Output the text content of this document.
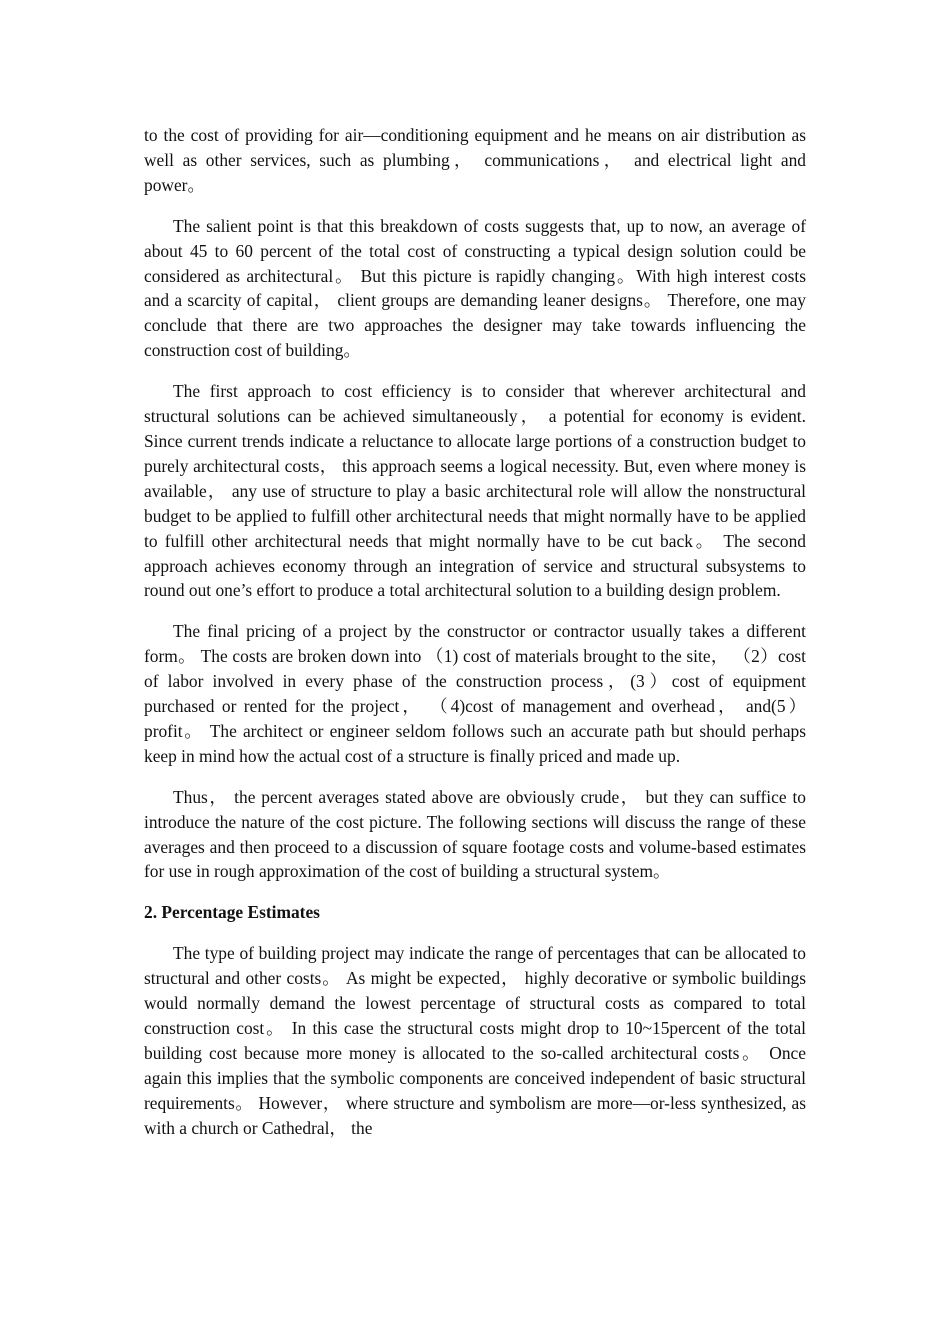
to the cost of providing for air—conditioning equipment and he means on air distribution as well as other services, such as plumbing， communications， and electrical light and power。

The salient point is that this breakdown of costs suggests that, up to now, an average of about 45 to 60 percent of the total cost of constructing a typical design solution could be considered as architectural。 But this picture is rapidly changing。With high interest costs and a scarcity of capital， client groups are demanding leaner designs。 Therefore, one may conclude that there are two approaches the designer may take towards influencing the construction cost of building。

The first approach to cost efficiency is to consider that wherever architectural and structural solutions can be achieved simultaneously， a potential for economy is evident. Since current trends indicate a reluctance to allocate large portions of a construction budget to purely architectural costs， this approach seems a logical necessity. But, even where money is available， any use of structure to play a basic architectural role will allow the nonstructural budget to be applied to fulfill other architectural needs that might normally have to be applied to fulfill other architectural needs that might normally have to be cut back。 The second approach achieves economy through an integration of service and structural subsystems to round out one’s effort to produce a total architectural solution to a building design problem.

The final pricing of a project by the constructor or contractor usually takes a different form。 The costs are broken down into （1) cost of materials brought to the site， （2）cost of labor involved in every phase of the construction process，(3）cost of equipment purchased or rented for the project， （4)cost of management and overhead， and(5） profit。 The architect or engineer seldom follows such an accurate path but should perhaps keep in mind how the actual cost of a structure is finally priced and made up.

Thus， the percent averages stated above are obviously crude， but they can suffice to introduce the nature of the cost picture. The following sections will discuss the range of these averages and then proceed to a discussion of square footage costs and volume-based estimates for use in rough approximation of the cost of building a structural system。

2. Percentage Estimates

The type of building project may indicate the range of percentages that can be allocated to structural and other costs。 As might be expected， highly decorative or symbolic buildings would normally demand the lowest percentage of structural costs as compared to total construction cost。 In this case the structural costs might drop to 10~15percent of the total building cost because more money is allocated to the so-called architectural costs。 Once again this implies that the symbolic components are conceived independent of basic structural requirements。 However， where structure and symbolism are more—or-less synthesized, as with a church or Cathedral， the
